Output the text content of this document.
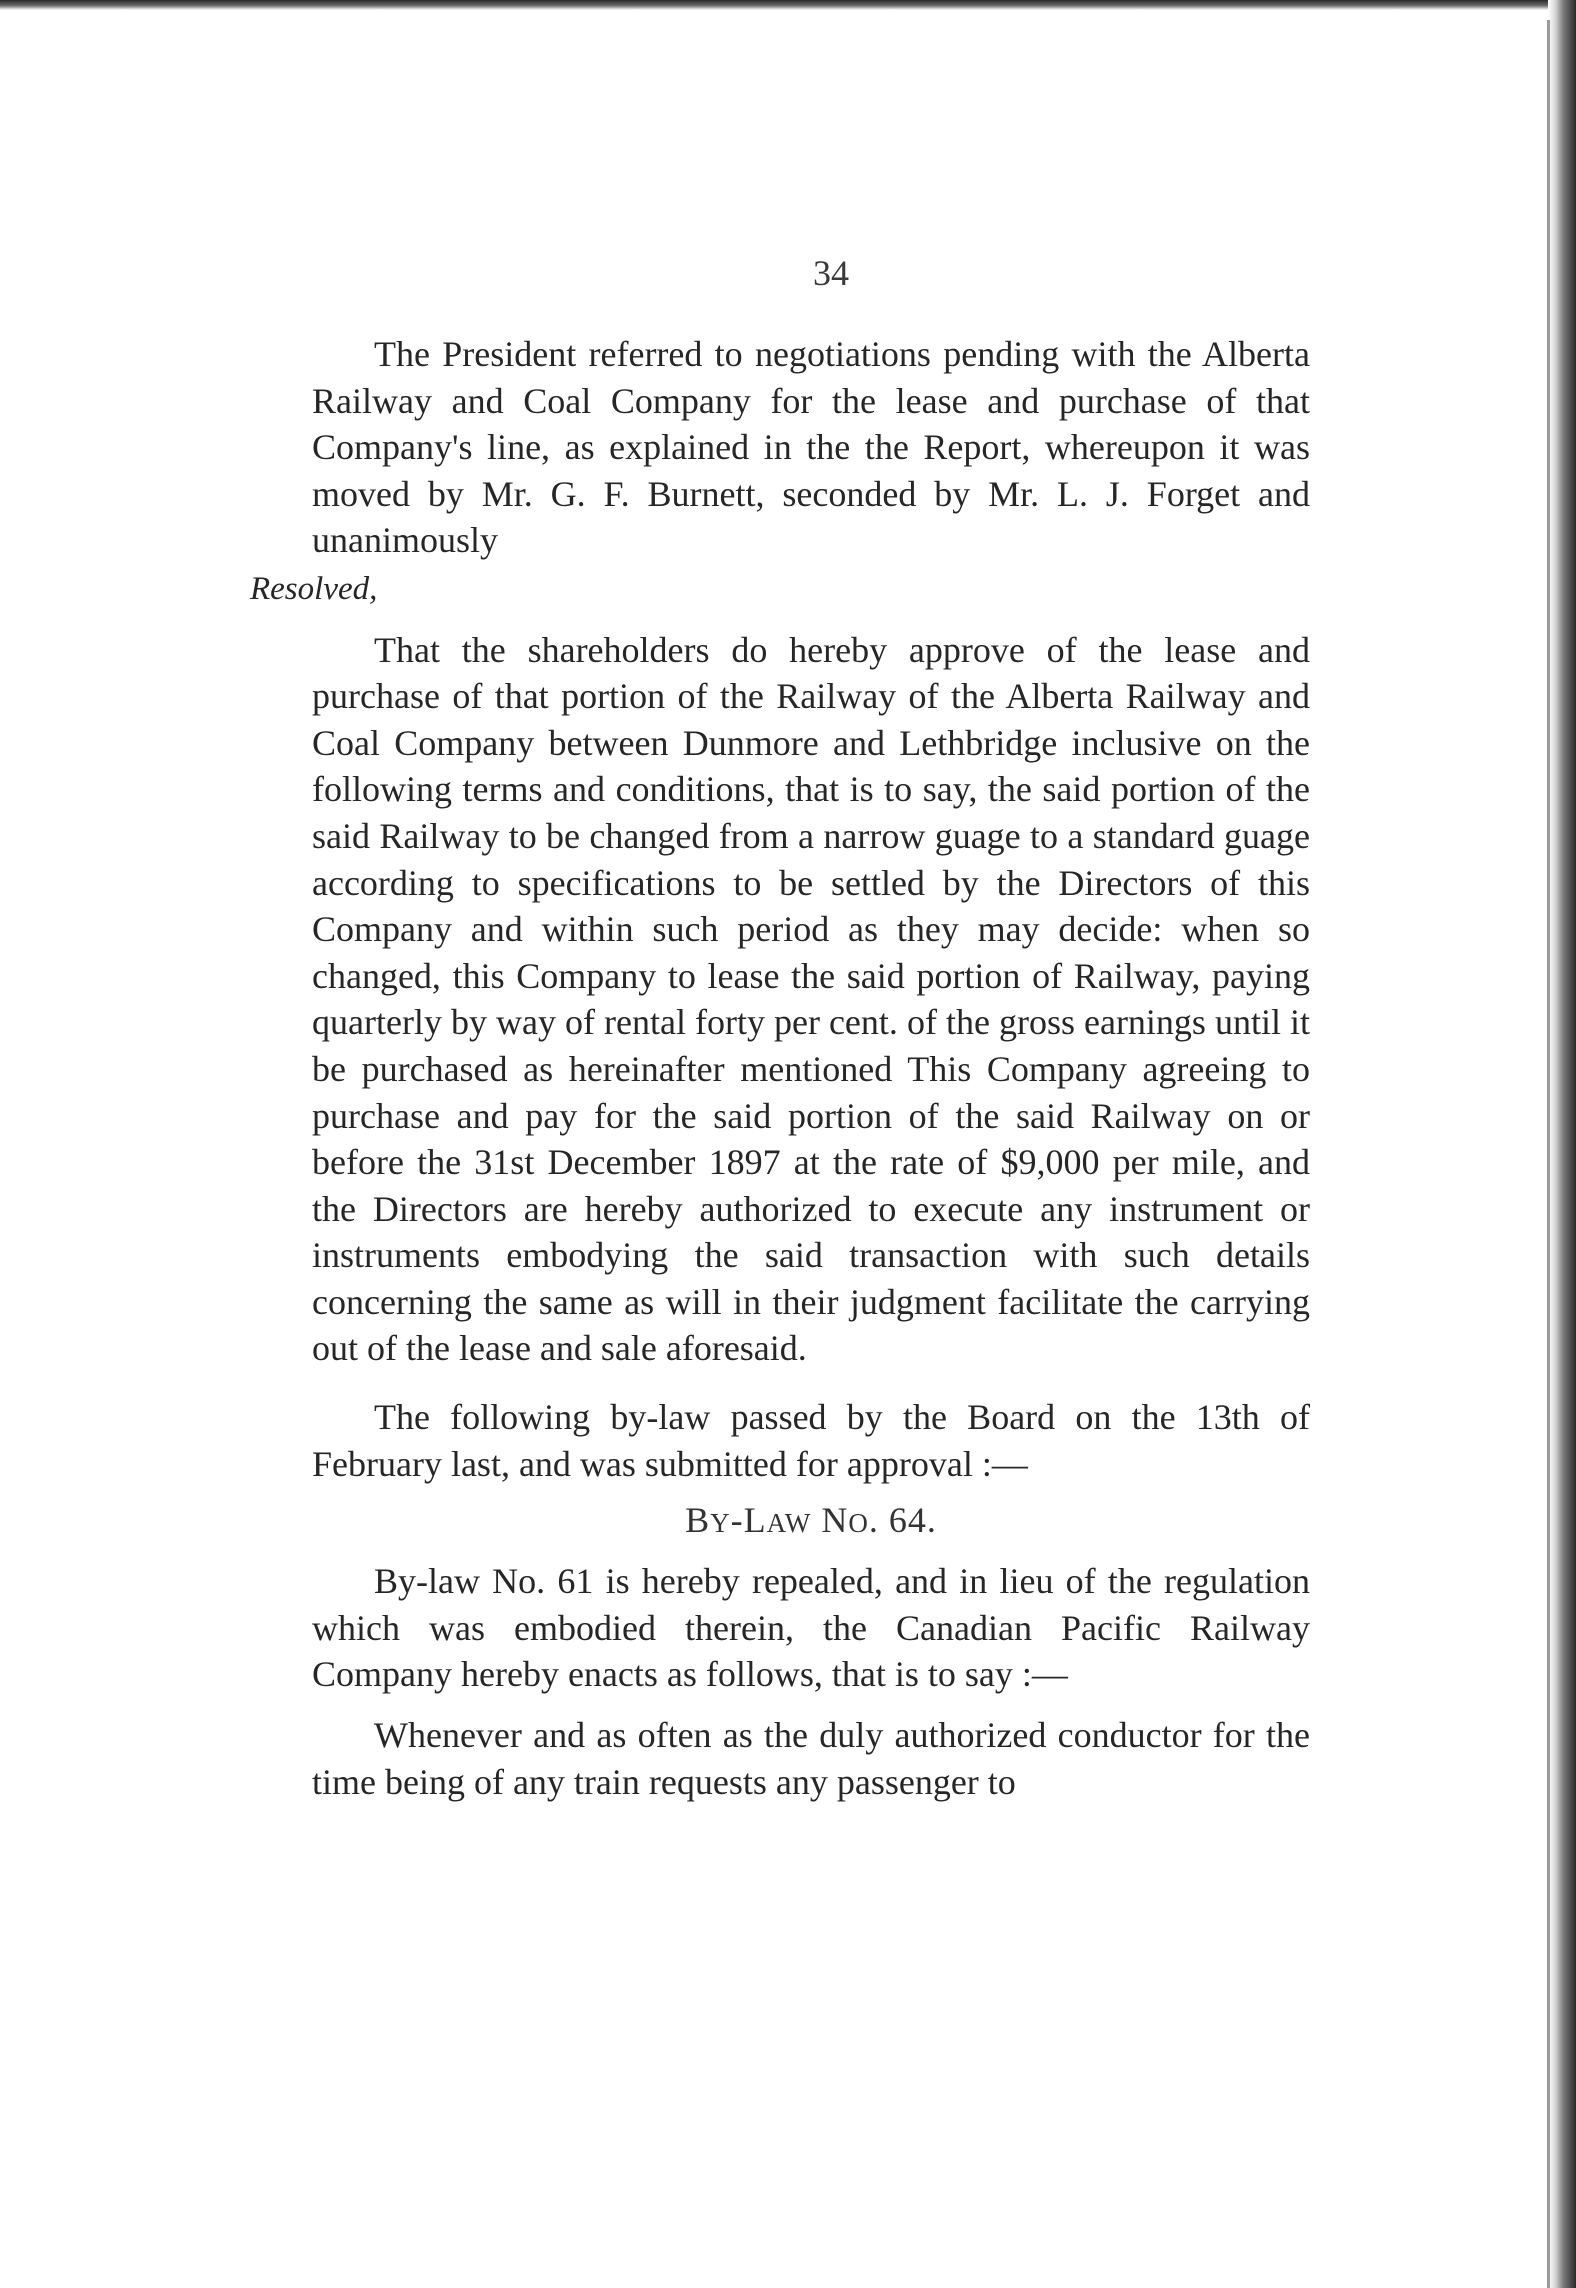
34

The President referred to negotiations pending with the Alberta Railway and Coal Company for the lease and purchase of that Company's line, as explained in the the Report, whereupon it was moved by Mr. G. F. Burnett, seconded by Mr. L. J. Forget and unanimously
Resolved,

That the shareholders do hereby approve of the lease and purchase of that portion of the Railway of the Alberta Railway and Coal Company between Dunmore and Lethbridge inclusive on the following terms and conditions, that is to say, the said portion of the said Railway to be changed from a narrow guage to a standard guage according to specifications to be settled by the Directors of this Company and within such period as they may decide: when so changed, this Company to lease the said portion of Railway, paying quarterly by way of rental forty per cent. of the gross earnings until it be purchased as hereinafter mentioned This Company agreeing to purchase and pay for the said portion of the said Railway on or before the 31st December 1897 at the rate of $9,000 per mile, and the Directors are hereby authorized to execute any instrument or instruments embodying the said transaction with such details concerning the same as will in their judgment facilitate the carrying out of the lease and sale aforesaid.

The following by-law passed by the Board on the 13th of February last, and was submitted for approval :—

BY-LAW NO. 64.

By-law No. 61 is hereby repealed, and in lieu of the regulation which was embodied therein, the Canadian Pacific Railway Company hereby enacts as follows, that is to say :—

Whenever and as often as the duly authorized conductor for the time being of any train requests any passenger to
